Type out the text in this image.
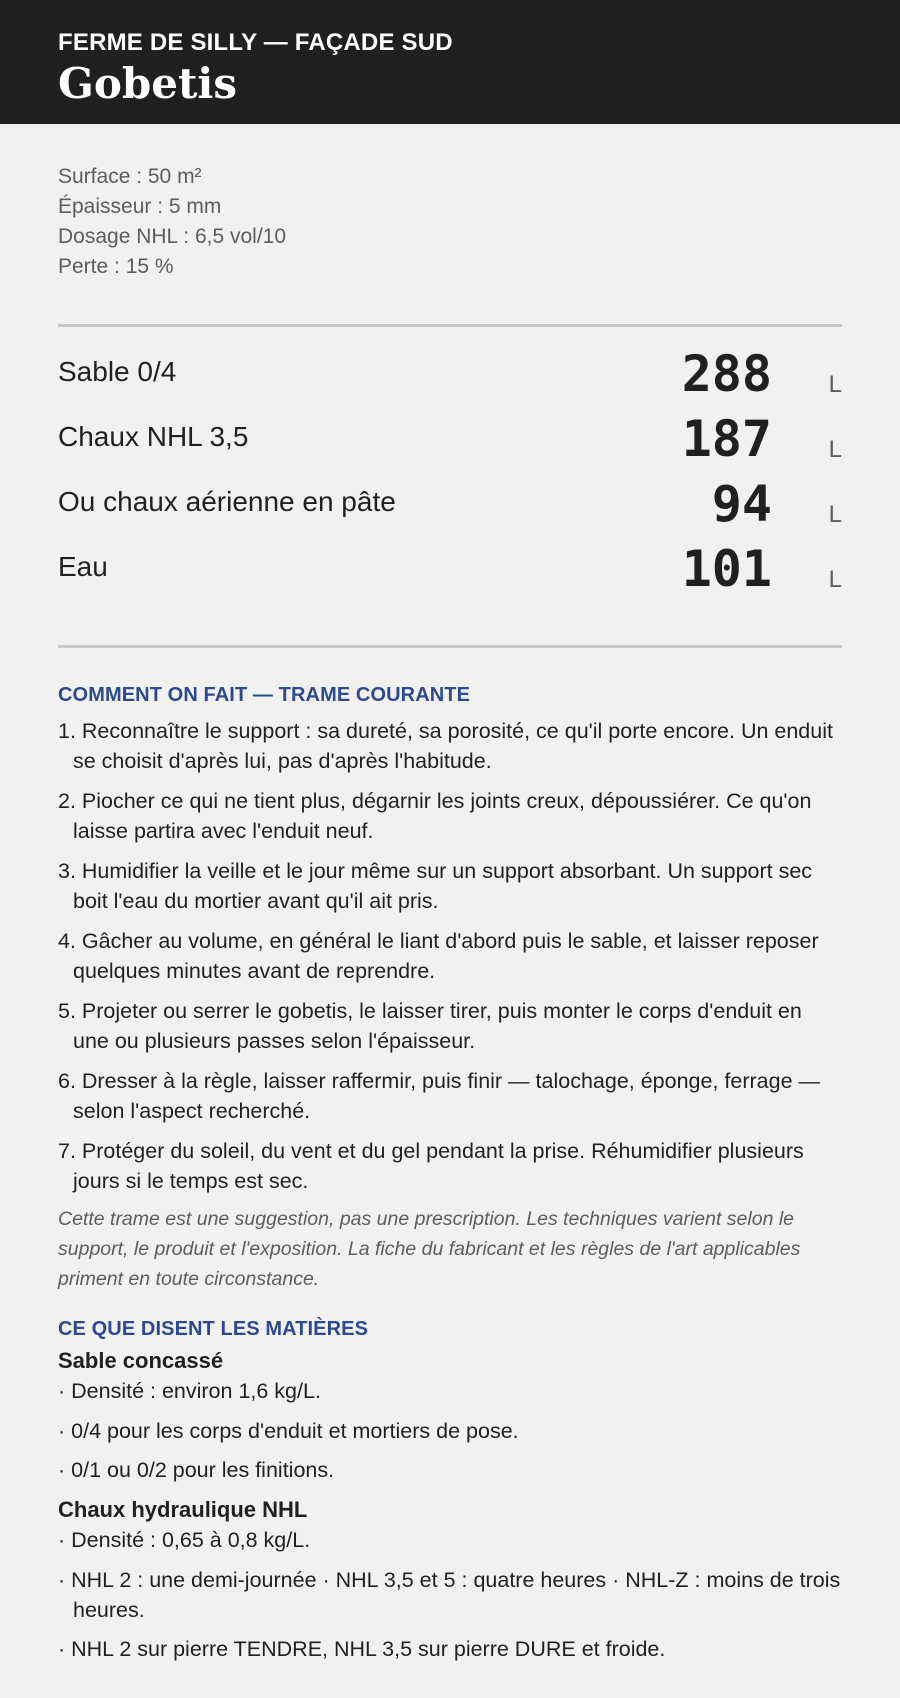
FERME DE SILLY — FAÇADE SUD
Gobetis
Surface : 50 m²
Épaisseur : 5 mm
Dosage NHL : 6,5 vol/10
Perte : 15 %
Sable 0/4	288	L
Chaux NHL 3,5	187	L
Ou chaux aérienne en pâte	94	L
Eau	101	L
COMMENT ON FAIT — TRAME COURANTE
1. Reconnaître le support : sa dureté, sa porosité, ce qu'il porte encore. Un enduit se choisit d'après lui, pas d'après l'habitude.
2. Piocher ce qui ne tient plus, dégarnir les joints creux, dépoussiérer. Ce qu'on laisse partira avec l'enduit neuf.
3. Humidifier la veille et le jour même sur un support absorbant. Un support sec boit l'eau du mortier avant qu'il ait pris.
4. Gâcher au volume, en général le liant d'abord puis le sable, et laisser reposer quelques minutes avant de reprendre.
5. Projeter ou serrer le gobetis, le laisser tirer, puis monter le corps d'enduit en une ou plusieurs passes selon l'épaisseur.
6. Dresser à la règle, laisser raffermir, puis finir — talochage, éponge, ferrage — selon l'aspect recherché.
7. Protéger du soleil, du vent et du gel pendant la prise. Réhumidifier plusieurs jours si le temps est sec.
Cette trame est une suggestion, pas une prescription. Les techniques varient selon le support, le produit et l'exposition. La fiche du fabricant et les règles de l'art applicables priment en toute circonstance.
CE QUE DISENT LES MATIÈRES
Sable concassé
· Densité : environ 1,6 kg/L.
· 0/4 pour les corps d'enduit et mortiers de pose.
· 0/1 ou 0/2 pour les finitions.
Chaux hydraulique NHL
· Densité : 0,65 à 0,8 kg/L.
· NHL 2 : une demi-journée · NHL 3,5 et 5 : quatre heures · NHL-Z : moins de trois heures.
· NHL 2 sur pierre TENDRE, NHL 3,5 sur pierre DURE et froide.
